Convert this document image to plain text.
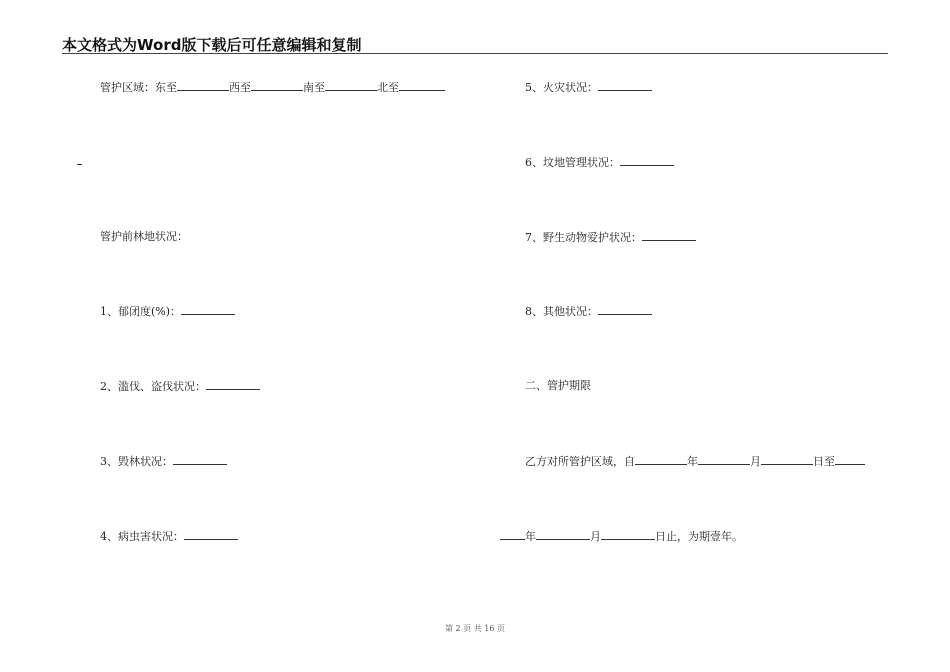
本文格式为Word版下载后可任意编辑和复制
管护区域：东至	西至	南至	北至
管护前林地状况：
1、郁闭度(%)：
2、滥伐、盗伐状况：
3、毁林状况：
4、病虫害状况：
5、火灾状况：
6、坟地管理状况：
7、野生动物爱护状况：
8、其他状况：
二、管护期限
乙方对所管护区域，自	年	月	日至
年	月	日止，为期壹年。
第 2 页 共 16 页
